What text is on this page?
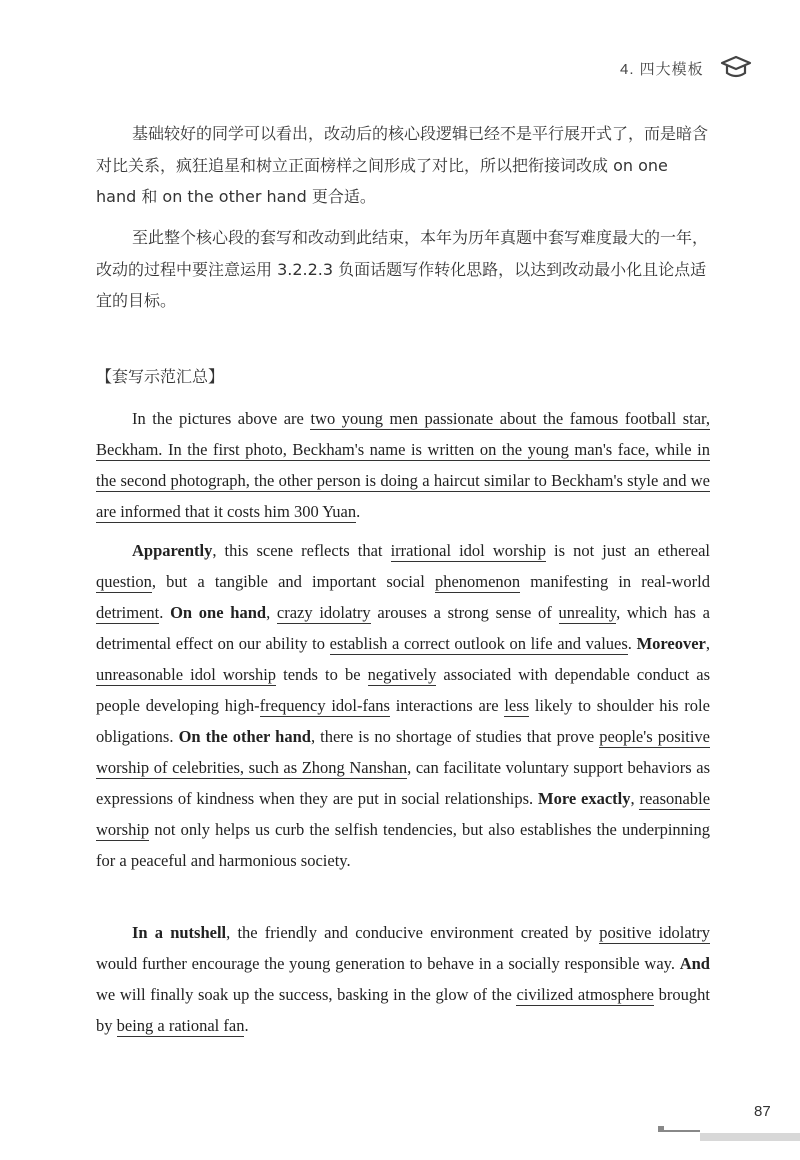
4. 四大模板

基础较好的同学可以看出，改动后的核心段逻辑已经不是平行展开式了，而是暗含对比关系，疯狂追星和树立正面榜样之间形成了对比，所以把衔接词改成 on one hand 和 on the other hand 更合适。

至此整个核心段的套写和改动到此结束，本年为历年真题中套写难度最大的一年，改动的过程中要注意运用 3.2.2.3 负面话题写作转化思路，以达到改动最小化且论点适宜的目标。

【套写示范汇总】

In the pictures above are two young men passionate about the famous football star, Beckham. In the first photo, Beckham's name is written on the young man's face, while in the second photograph, the other person is doing a haircut similar to Beckham's style and we are informed that it costs him 300 Yuan.

Apparently, this scene reflects that irrational idol worship is not just an ethereal question, but a tangible and important social phenomenon manifesting in real-world detriment. On one hand, crazy idolatry arouses a strong sense of unreality, which has a detrimental effect on our ability to establish a correct outlook on life and values. Moreover, unreasonable idol worship tends to be negatively associated with dependable conduct as people developing high-frequency idol-fans interactions are less likely to shoulder his role obligations. On the other hand, there is no shortage of studies that prove people's positive worship of celebrities, such as Zhong Nanshan, can facilitate voluntary support behaviors as expressions of kindness when they are put in social relationships. More exactly, reasonable worship not only helps us curb the selfish tendencies, but also establishes the underpinning for a peaceful and harmonious society.

In a nutshell, the friendly and conducive environment created by positive idolatry would further encourage the young generation to behave in a socially responsible way. And we will finally soak up the success, basking in the glow of the civilized atmosphere brought by being a rational fan.

87
